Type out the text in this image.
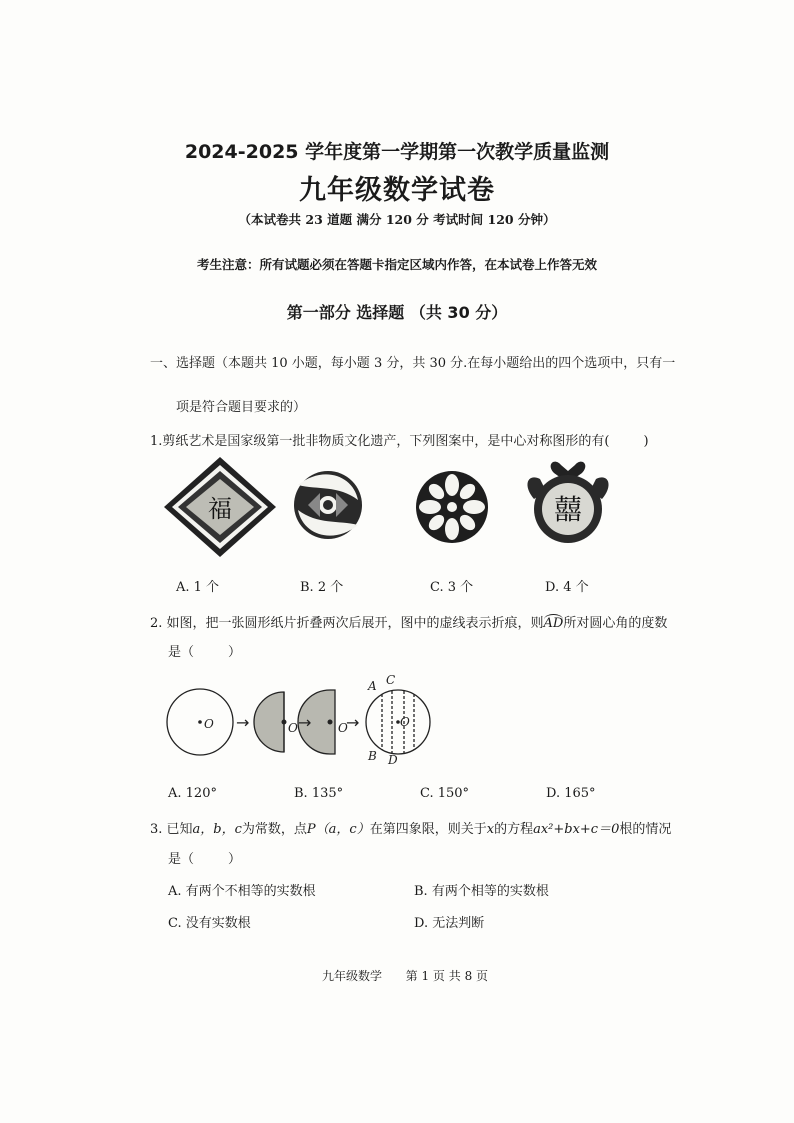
2024-2025 学年度第一学期第一次教学质量监测
九年级数学试卷
（本试卷共 23 道题 满分 120 分 考试时间 120 分钟）
考生注意：所有试题必须在答题卡指定区域内作答，在本试卷上作答无效
第一部分 选择题 （共 30 分）
一、选择题（本题共 10 小题，每小题 3 分，共 30 分.在每小题给出的四个选项中，只有一
项是符合题目要求的）
1.剪纸艺术是国家级第一批非物质文化遗产，下列图案中，是中心对称图形的有(	)
福	囍
A. 1 个	B. 2 个	C. 3 个	D. 4 个
2. 如图，把一张圆形纸片折叠两次后展开，图中的虚线表示折痕，则AD所对圆心角的度数
是（	）
O	O	O	O
A C
B D
→	→ →
A. 120°	B. 135°	C. 150°	D. 165°
3. 已知a，b，c为常数，点P（a，c）在第四象限，则关于x的方程ax²+bx+c＝0根的情况
是（	）
A. 有两个不相等的实数根	B. 有两个相等的实数根
C. 没有实数根	D. 无法判断
九年级数学 第 1 页 共 8 页
